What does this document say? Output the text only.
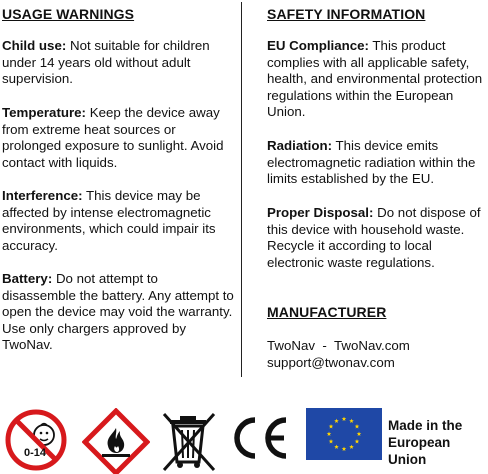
USAGE WARNINGS

Child use: Not suitable for children under 14 years old without adult supervision.

Temperature: Keep the device away from extreme heat sources or prolonged exposure to sunlight. Avoid contact with liquids.

Interference: This device may be affected by intense electromagnetic environments, which could impair its accuracy.

Battery: Do not attempt to disassemble the battery. Any attempt to open the device may void the warranty. Use only chargers approved by TwoNav.

SAFETY INFORMATION

EU Compliance: This product complies with all applicable safety, health, and environmental protection regulations within the European Union.

Radiation: This device emits electromagnetic radiation within the limits established by the EU.

Proper Disposal: Do not dispose of this device with household waste. Recycle it according to local electronic waste regulations.

MANUFACTURER

TwoNav  -  TwoNav.com
support@twonav.com

0-14
CE
Made in the
European Union
